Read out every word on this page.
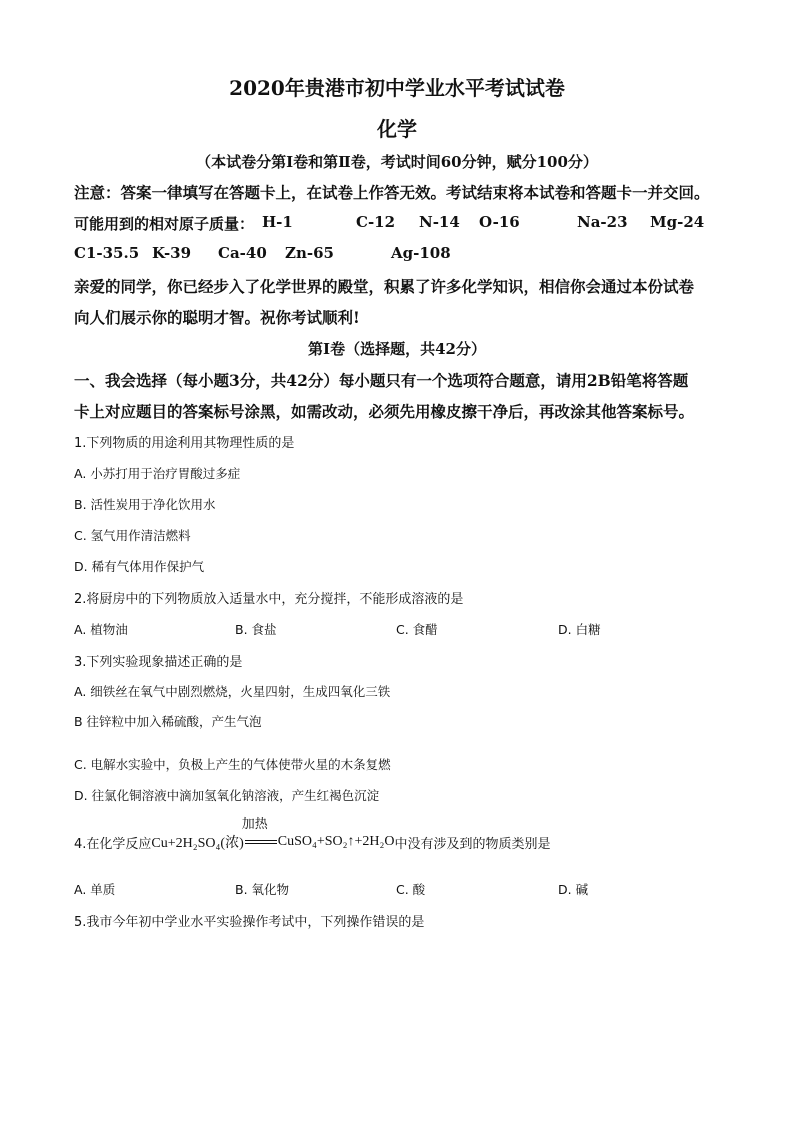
2020年贵港市初中学业水平考试试卷
化学
（本试卷分第Ⅰ卷和第Ⅱ卷，考试时间60分钟，赋分100分）
注意：答案一律填写在答题卡上，在试卷上作答无效。考试结束将本试卷和答题卡一并交回。
可能用到的相对原子质量： H-1	C-12 N-14 O-16	Na-23 Mg-24
C1-35.5 K-39 Ca-40 Zn-65	Ag-108
亲爱的同学，你已经步入了化学世界的殿堂，积累了许多化学知识，相信你会通过本份试卷
向人们展示你的聪明才智。祝你考试顺利!
第Ⅰ卷（选择题，共42分）
一、我会选择（每小题3分，共42分）每小题只有一个选项符合题意，请用2B铅笔将答题
卡上对应题目的答案标号涂黑，如需改动，必须先用橡皮擦干净后，再改涂其他答案标号。
1.下列物质的用途利用其物理性质的是
A. 小苏打用于治疗胃酸过多症
B. 活性炭用于净化饮用水
C. 氢气用作清洁燃料
D. 稀有气体用作保护气
2.将厨房中的下列物质放入适量水中，充分搅拌，不能形成溶液的是
A. 植物油	B. 食盐	C. 食醋	D. 白糖
3.下列实验现象描述正确的是
A. 细铁丝在氧气中剧烈燃烧，火星四射，生成四氧化三铁
B 往锌粒中加入稀硫酸，产生气泡
C. 电解水实验中，负极上产生的气体使带火星的木条复燃
D. 往氯化铜溶液中滴加氢氧化钠溶液，产生红褐色沉淀
4.在化学反应 Cu+2H₂SO₄(浓)
加热
CuSO₄+SO₂↑+2H₂O 中没有涉及到的物质类别是
A. 单质	B. 氧化物	C. 酸	D. 碱
5.我市今年初中学业水平实验操作考试中，下列操作错误的是
